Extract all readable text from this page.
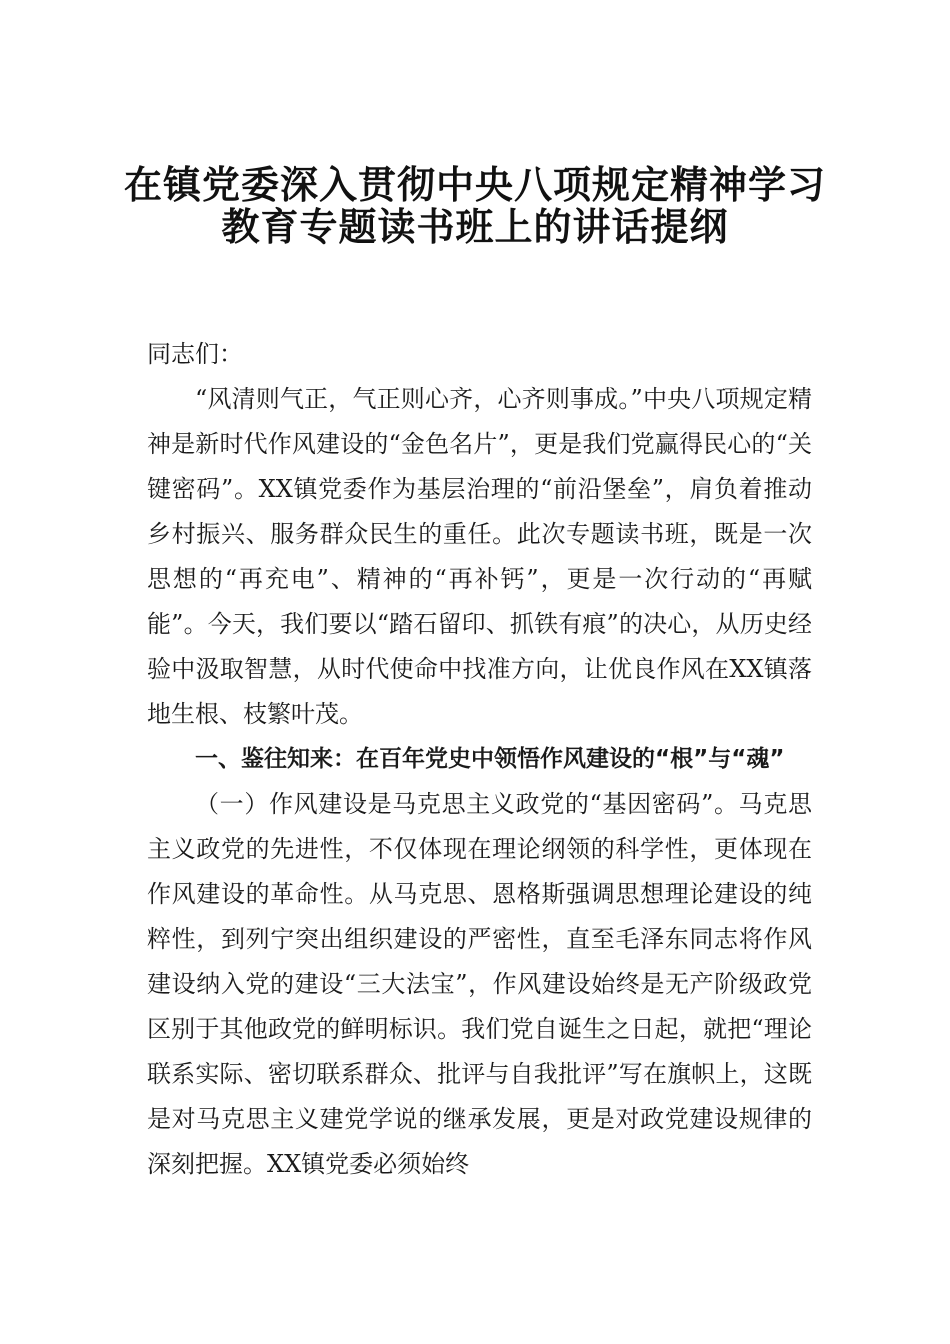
在镇党委深入贯彻中央八项规定精神学习
教育专题读书班上的讲话提纲

同志们：

“风清则气正，气正则心齐，心齐则事成。”中央八项规定精神是新时代作风建设的“金色名片”，更是我们党赢得民心的“关键密码”。XX镇党委作为基层治理的“前沿堡垒”，肩负着推动乡村振兴、服务群众民生的重任。此次专题读书班，既是一次思想的“再充电”、精神的“再补钙”，更是一次行动的“再赋能”。今天，我们要以“踏石留印、抓铁有痕”的决心，从历史经验中汲取智慧，从时代使命中找准方向，让优良作风在XX镇落地生根、枝繁叶茂。

一、鉴往知来：在百年党史中领悟作风建设的“根”与“魂”

（一）作风建设是马克思主义政党的“基因密码”。马克思主义政党的先进性，不仅体现在理论纲领的科学性，更体现在作风建设的革命性。从马克思、恩格斯强调思想理论建设的纯粹性，到列宁突出组织建设的严密性，直至毛泽东同志将作风建设纳入党的建设“三大法宝”，作风建设始终是无产阶级政党区别于其他政党的鲜明标识。我们党自诞生之日起，就把“理论联系实际、密切联系群众、批评与自我批评”写在旗帜上，这既是对马克思主义建党学说的继承发展，更是对政党建设规律的深刻把握。XX镇党委必须始终
